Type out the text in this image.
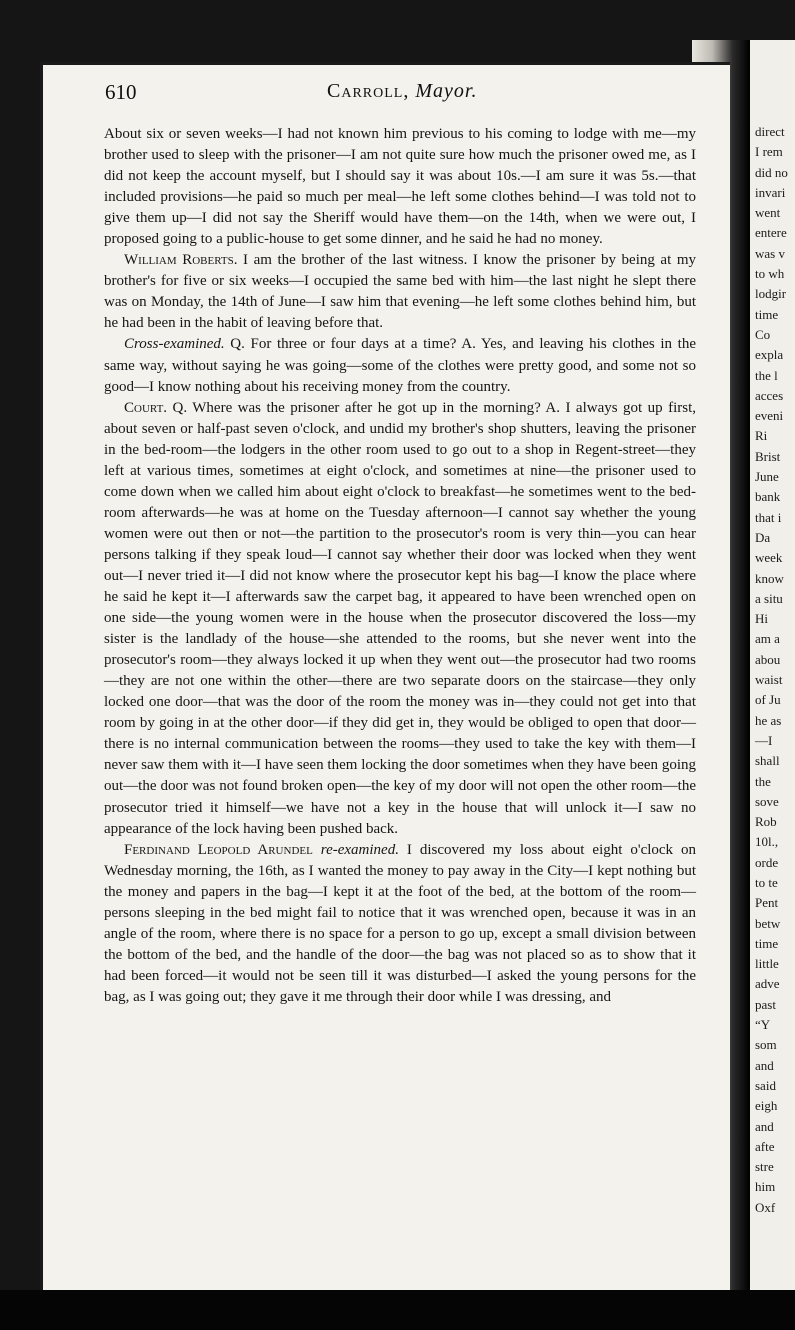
direct
I rem
did no
invari
went
entere
was v
to wh
lodgir
time
Co
expla
the l
acces
eveni
Ri
Brist
June
bank
that i
Da
week
know
a situ
Hi
am a
abou
waist
of Ju
he as
—I
shall
the
sove
Rob
10l.,
orde
to te
Pent
betw
time
little
adve
past
“Y
som
and
said
eigh
and
afte
stre
him
Oxf
610	Carroll, Mayor.

About six or seven weeks—I had not known him previous to his coming to lodge with me—my brother used to sleep with the prisoner—I am not quite sure how much the prisoner owed me, as I did not keep the account myself, but I should say it was about 10s.—I am sure it was 5s.—that included provisions—he paid so much per meal—he left some clothes behind—I was told not to give them up—I did not say the Sheriff would have them—on the 14th, when we were out, I proposed going to a public-house to get some dinner, and he said he had no money.

William Roberts. I am the brother of the last witness. I know the prisoner by being at my brother's for five or six weeks—I occupied the same bed with him—the last night he slept there was on Monday, the 14th of June—I saw him that evening—he left some clothes behind him, but he had been in the habit of leaving before that.

Cross-examined. Q. For three or four days at a time? A. Yes, and leaving his clothes in the same way, without saying he was going—some of the clothes were pretty good, and some not so good—I know nothing about his receiving money from the country.

Court. Q. Where was the prisoner after he got up in the morning? A. I always got up first, about seven or half-past seven o'clock, and undid my brother's shop shutters, leaving the prisoner in the bed-room—the lodgers in the other room used to go out to a shop in Regent-street—they left at various times, sometimes at eight o'clock, and sometimes at nine—the prisoner used to come down when we called him about eight o'clock to breakfast—he sometimes went to the bed-room afterwards—he was at home on the Tuesday afternoon—I cannot say whether the young women were out then or not—the partition to the prosecutor's room is very thin—you can hear persons talking if they speak loud—I cannot say whether their door was locked when they went out—I never tried it—I did not know where the prosecutor kept his bag—I know the place where he said he kept it—I afterwards saw the carpet bag, it appeared to have been wrenched open on one side—the young women were in the house when the prosecutor discovered the loss—my sister is the landlady of the house—she attended to the rooms, but she never went into the prosecutor's room—they always locked it up when they went out—the prosecutor had two rooms—they are not one within the other—there are two separate doors on the staircase—they only locked one door—that was the door of the room the money was in—they could not get into that room by going in at the other door—if they did get in, they would be obliged to open that door—there is no internal communication between the rooms—they used to take the key with them—I never saw them with it—I have seen them locking the door sometimes when they have been going out—the door was not found broken open—the key of my door will not open the other room—the prosecutor tried it himself—we have not a key in the house that will unlock it—I saw no appearance of the lock having been pushed back.

Ferdinand Leopold Arundel re-examined. I discovered my loss about eight o'clock on Wednesday morning, the 16th, as I wanted the money to pay away in the City—I kept nothing but the money and papers in the bag—I kept it at the foot of the bed, at the bottom of the room—persons sleeping in the bed might fail to notice that it was wrenched open, because it was in an angle of the room, where there is no space for a person to go up, except a small division between the bottom of the bed, and the handle of the door—the bag was not placed so as to show that it had been forced—it would not be seen till it was disturbed—I asked the young persons for the bag, as I was going out; they gave it me through their door while I was dressing, and
